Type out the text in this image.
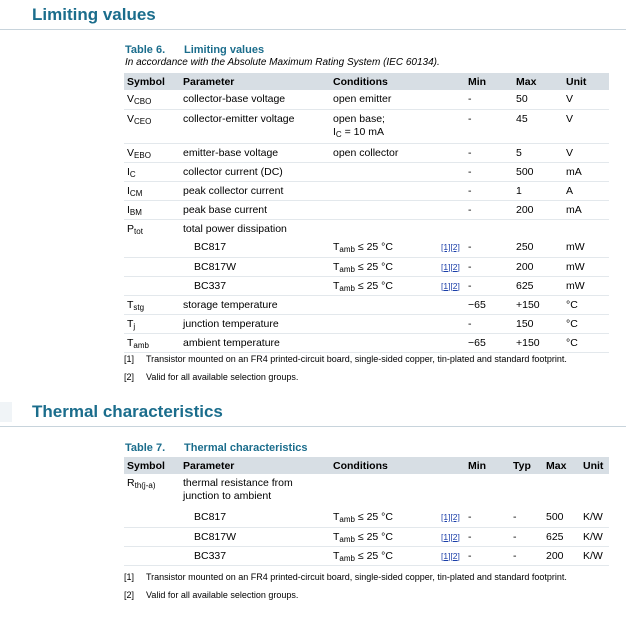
Limiting values
Table 6. Limiting values
In accordance with the Absolute Maximum Rating System (IEC 60134).
Symbol	Parameter	Conditions		Min	Max	Unit
$V_{CBO}$	collector-base voltage	open emitter		-	50	V
$V_{CEO}$	collector-emitter voltage	open base;
$I_C = 10$ mA		-	45	V
$V_{EBO}$	emitter-base voltage	open collector		-	5	V
$I_C$	collector current (DC)			-	500	mA
$I_{CM}$	peak collector current			-	1	A
$I_{BM}$	peak base current			-	200	mA
$P_{tot}$	total power dissipation	

	BC817	$T_{amb} \le 25$ °C	[1][2]	-	250	mW
	BC817W	$T_{amb} \le 25$ °C	[1][2]	-	200	mW
	BC337	$T_{amb} \le 25$ °C	[1][2]	-	625	mW
$T_{stg}$	storage temperature			−65	+150	°C
$T_j$	junction temperature			-	150	°C
$T_{amb}$	ambient temperature			−65	+150	°C
[1] Transistor mounted on an FR4 printed-circuit board, single-sided copper, tin-plated and standard footprint.
[2] Valid for all available selection groups.
Thermal characteristics
Table 7. Thermal characteristics
Symbol	Parameter	Conditions		Min	Typ	Max	Unit
$R_{th(j-a)}$	thermal resistance from junction to ambient						
	BC817	$T_{amb} \le 25$ °C	[1][2]	-	-	500	K/W
	BC817W	$T_{amb} \le 25$ °C	[1][2]	-	-	625	K/W
	BC337	$T_{amb} \le 25$ °C	[1][2]	-	-	200	K/W
[1] Transistor mounted on an FR4 printed-circuit board, single-sided copper, tin-plated and standard footprint.
[2] Valid for all available selection groups.
